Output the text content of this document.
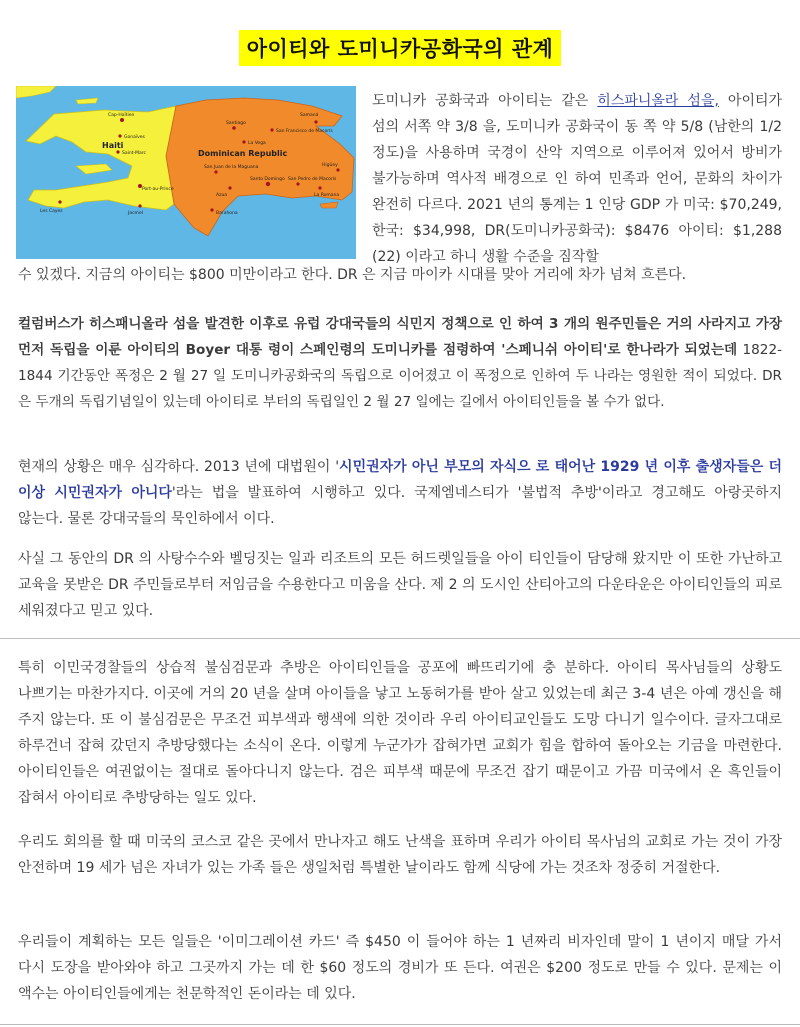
아이티와 도미니카공화국의 관계
Haiti
Dominican Republic
Cap-Haïtien
Gonaïves
Saint-Marc
Port-au-Prince
Jacmel
Les Cayes
Santiago
La Vega
San Francisco de Macorís
San Juan de la Maguana
Santo Domingo
Azua
Barahona
San Pedro de Macorís
La Romana
Higüey
Samaná
도미니카 공화국과 아이티는 같은 히스파니올라 섬을, 아이티가 섬의 서쪽 약 3/8 을, 도미니카 공화국이 동 쪽 약 5/8 (남한의 1/2 정도)을 사용하며 국경이 산악 지역으로 이루어져 있어서 방비가 불가능하며 역사적 배경으로 인 하여 민족과 언어, 문화의 차이가 완전히 다르다. 2021 년의 통계는 1 인당 GDP 가 미국: $70,249, 한국: $34,998, DR(도미니카공화국): $8476 아이티: $1,288 (22) 이라고 하니 생활 수준을 짐작할
수 있겠다. 지금의 아이티는 $800 미만이라고 한다. DR 은 지금 마이카 시대를 맞아 거리에 차가 넘쳐 흐른다.
컬럼버스가 히스패니올라 섬을 발견한 이후로 유럽 강대국들의 식민지 정책으로 인 하여 3 개의 원주민들은 거의 사라지고 가장 먼저 독립을 이룬 아이티의 Boyer 대통 령이 스페인령의 도미니카를 점령하여 '스페니쉬 아이티'로 한나라가 되었는데 1822-1844 기간동안 폭정은 2 월 27 일 도미니카공화국의 독립으로 이어졌고 이 폭정으로 인하여 두 나라는 영원한 적이 되었다. DR 은 두개의 독립기념일이 있는데 아이티로 부터의 독립일인 2 월 27 일에는 길에서 아이티인들을 볼 수가 없다.
현재의 상황은 매우 심각하다. 2013 년에 대법원이 '시민권자가 아닌 부모의 자식으 로 태어난 1929 년 이후 출생자들은 더 이상 시민권자가 아니다'라는 법을 발표하여 시행하고 있다. 국제엠네스티가 '불법적 추방'이라고 경고해도 아랑곳하지 않는다. 물론 강대국들의 묵인하에서 이다.
사실 그 동안의 DR 의 사탕수수와 벨딩짓는 일과 리조트의 모든 허드렛일들을 아이 티인들이 담당해 왔지만 이 또한 가난하고 교육을 못받은 DR 주민들로부터 저임금을 수용한다고 미움을 산다. 제 2 의 도시인 산티아고의 다운타운은 아이티인들의 피로 세워졌다고 믿고 있다.
특히 이민국경찰들의 상습적 불심검문과 추방은 아이티인들을 공포에 빠뜨리기에 충 분하다. 아이티 목사님들의 상황도 나쁘기는 마찬가지다. 이곳에 거의 20 년을 살며 아이들을 낳고 노동허가를 받아 살고 있었는데 최근 3-4 년은 아예 갱신을 해 주지 않는다. 또 이 불심검문은 무조건 피부색과 행색에 의한 것이라 우리 아이티교인들도 도망 다니기 일수이다. 글자그대로 하루건너 잡혀 갔던지 추방당했다는 소식이 온다. 이렇게 누군가가 잡혀가면 교회가 힘을 합하여 돌아오는 기금을 마련한다. 아이티인들은 여권없이는 절대로 돌아다니지 않는다. 검은 피부색 때문에 무조건 잡기 때문이고 가끔 미국에서 온 흑인들이 잡혀서 아이티로 추방당하는 일도 있다.
우리도 회의를 할 때 미국의 코스코 같은 곳에서 만나자고 해도 난색을 표하며 우리가 아이티 목사님의 교회로 가는 것이 가장 안전하며 19 세가 넘은 자녀가 있는 가족 들은 생일처럼 특별한 날이라도 함께 식당에 가는 것조차 정중히 거절한다.
우리들이 계획하는 모든 일들은 '이미그레이션 카드' 즉 $450 이 들어야 하는 1 년짜리 비자인데 말이 1 년이지 매달 가서 다시 도장을 받아와야 하고 그곳까지 가는 데 한 $60 정도의 경비가 또 든다. 여권은 $200 정도로 만들 수 있다. 문제는 이 액수는 아이티인들에게는 천문학적인 돈이라는 데 있다.
